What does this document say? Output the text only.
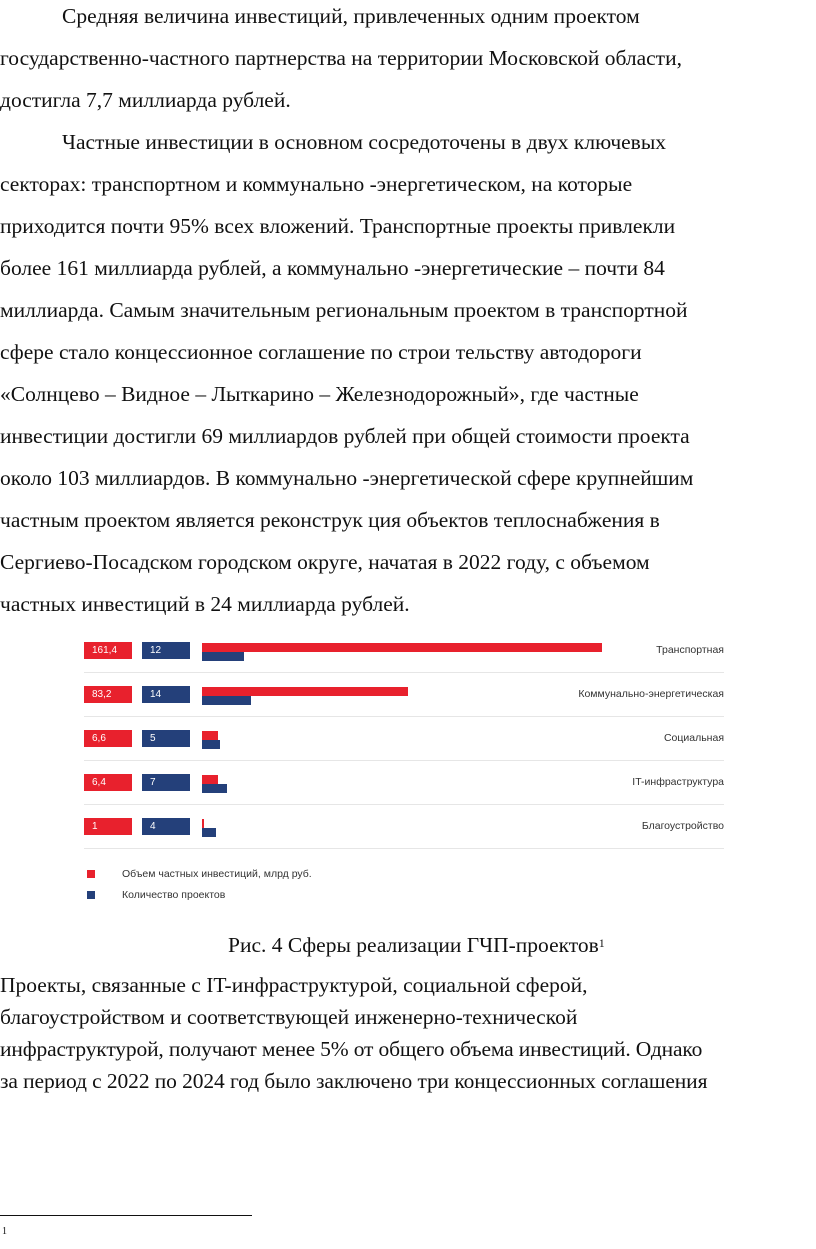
Средняя величина инвестиций, привлеченных одним проектом
государственно-частного партнерства на территории Московской области,
достигла 7,7 миллиарда рублей.
Частные инвестиции в основном сосредоточены в двух ключевых
секторах: транспортном и коммунально -энергетическом, на которые
приходится почти 95% всех вложений. Транспортные проекты привлекли
более 161 миллиарда рублей, а коммунально -энергетические – почти 84
миллиарда. Самым значительным региональным проектом в транспортной
сфере стало концессионное соглашение по строи тельству автодороги
«Солнцево – Видное – Лыткарино – Железнодорожный», где частные
инвестиции достигли 69 миллиардов рублей при общей стоимости проекта
около 103 миллиардов. В коммунально -энергетической сфере крупнейшим
частным проектом является реконструк ция объектов теплоснабжения в
Сергиево-Посадском городском округе, начатая в 2022 году, с объемом
частных инвестиций в 24 миллиарда рублей.
161,4	12	Транспортная
83,2	14	Коммунально-энергетическая
6,6	5	Социальная
6,4	7	IT-инфраструктура
1	4	Благоустройство
Объем частных инвестиций, млрд руб.
Количество проектов
Рис. 4 Сферы реализации ГЧП-проектов$^1$
Проекты, связанные с IT-инфраструктурой, социальной сферой,
благоустройством и соответствующей инженерно-технической
инфраструктурой, получают менее 5% от общего объема инвестиций. Однако
за период с 2022 по 2024 год было заключено три концессионных соглашения
1
